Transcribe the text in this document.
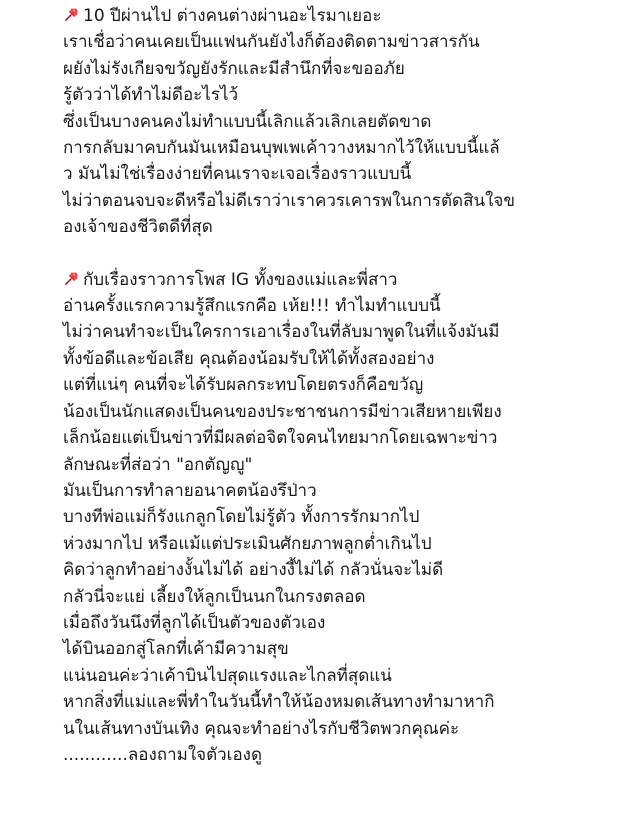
10 ปีผ่านไป ต่างคนต่างผ่านอะไรมาเยอะ
เราเชื่อว่าคนเคยเป็นแฟนกันยังไงก็ต้องติดตามข่าวสารกัน
ผยังไม่รังเกียจขวัญยังรักและมีสำนึกที่จะขออภัย
รู้ตัวว่าได้ทำไม่ดีอะไรไว้
ซึ่งเป็นบางคนคงไม่ทำแบบนี้เลิกแล้วเลิกเลยตัดขาด
การกลับมาคบกันมันเหมือนบุพเพเค้าวางหมากไว้ให้แบบนี้แล้
ว มันไม่ใช่เรื่องง่ายที่คนเราจะเจอเรื่องราวแบบนี้
ไม่ว่าตอนจบจะดีหรือไม่ดีเราว่าเราควรเคารพในการตัดสินใจข
องเจ้าของชีวิตดีที่สุด
กับเรื่องราวการโพส IG ทั้งของแม่และพี่สาว
อ่านครั้งแรกความรู้สึกแรกคือ เห้ย!!! ทำไมทำแบบนี้
ไม่ว่าคนทำจะเป็นใครการเอาเรื่องในที่ลับมาพูดในที่แจ้งมันมี
ทั้งข้อดีและข้อเสีย คุณต้องน้อมรับให้ได้ทั้งสองอย่าง
แต่ที่แน่ๆ คนที่จะได้รับผลกระทบโดยตรงก็คือขวัญ
น้องเป็นนักแสดงเป็นคนของประชาชนการมีข่าวเสียหายเพียง
เล็กน้อยแต่เป็นข่าวที่มีผลต่อจิตใจคนไทยมากโดยเฉพาะข่าว
ลักษณะที่ส่อว่า "อกตัญญู"
มันเป็นการทำลายอนาคตน้องรึป่าว
บางทีพ่อแม่ก็รังแกลูกโดยไม่รู้ตัว ทั้งการรักมากไป
ห่วงมากไป หรือแม้แต่ประเมินศักยภาพลูกต่ำเกินไป
คิดว่าลูกทำอย่างงั้นไม่ได้ อย่างงี้ไม่ได้ กลัวนั่นจะไม่ดี
กลัวนี่จะแย่ เลี้ยงให้ลูกเป็นนกในกรงตลอด
เมื่อถึงวันนึงที่ลูกได้เป็นตัวของตัวเอง
ได้บินออกสู่โลกที่เค้ามีความสุข
แน่นอนค่ะว่าเค้าบินไปสุดแรงและไกลที่สุดแน่
หากสิ่งที่แม่และพี่ทำในวันนี้ทำให้น้องหมดเส้นทางทำมาหากิ
นในเส้นทางบันเทิง คุณจะทำอย่างไรกับชีวิตพวกคุณค่ะ
............ลองถามใจตัวเองดู
